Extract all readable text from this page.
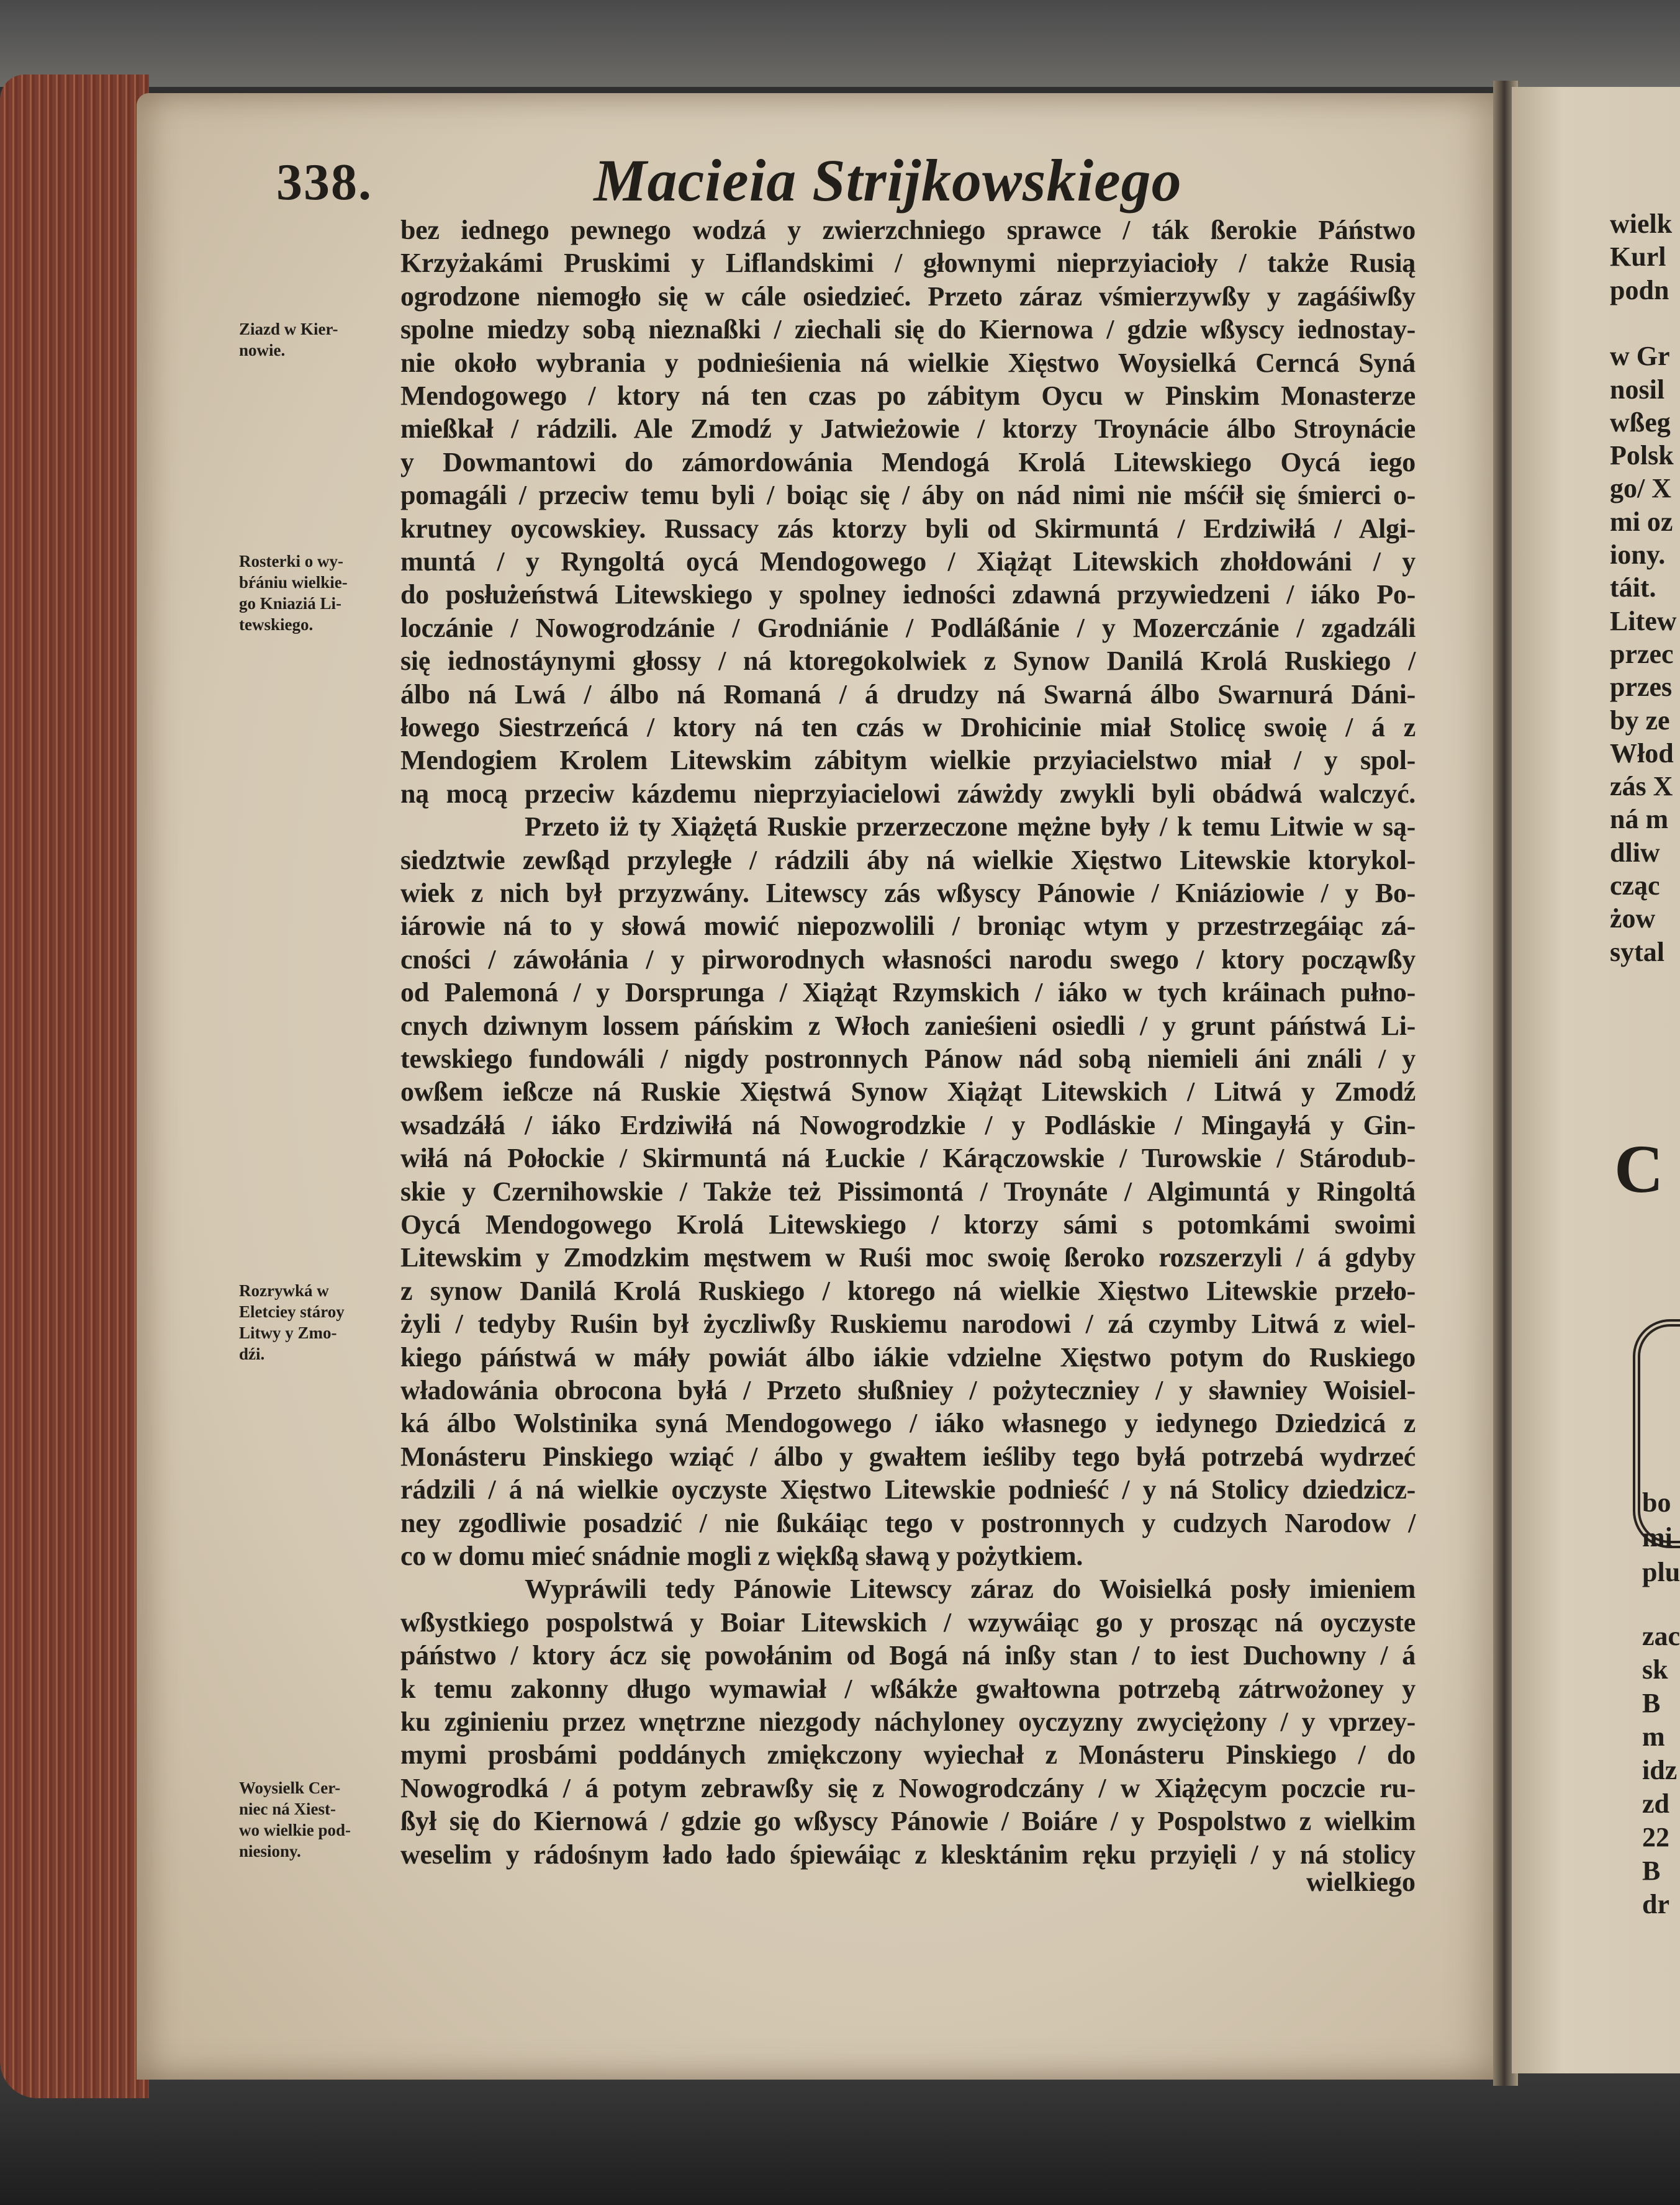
C
wielk
Kurl
podn
w Gr
nosil
wßeg
Polsk
go/ X
mi oz
iony.
táit.
Litew
przec
przes
by ze
Włod
zás X
ná m
dliw
cząc
żow
sytal
bo
mi
plu
zac
sk
B
m
idz
zd
22
B
dr
338.	Macieia Strijkowskiego
bez iednego pewnego wodzá y zwierzchniego sprawce / ták ßerokie Páństwo
Krzyżakámi Pruskimi y Liflandskimi / głownymi nieprzyiacioły / także Rusią
ogrodzone niemogło się w cále osiedzieć. Przeto záraz vśmierzywßy y zagáśiwßy
spolne miedzy sobą nieznaßki / ziechali się do Kiernowa / gdzie wßyscy iednostay-
nie około wybrania y podnieśienia ná wielkie Xięstwo Woysielká Cerncá Syná
Mendogowego / ktory ná ten czas po zábitym Oycu w Pinskim Monasterze
mießkał / rádzili. Ale Zmodź y Jatwieżowie / ktorzy Troynácie álbo Stroynácie
y Dowmantowi do zámordowánia Mendogá Krolá Litewskiego Oycá iego
pomagáli / przeciw temu byli / boiąc się / áby on nád nimi nie mśćił się śmierci o-
krutney oycowskiey. Russacy zás ktorzy byli od Skirmuntá / Erdziwiłá / Algi-
muntá / y Ryngoltá oycá Mendogowego / Xiążąt Litewskich zhołdowáni / y
do posłużeństwá Litewskiego y spolney iedności zdawná przywiedzeni / iáko Po-
loczánie / Nowogrodzánie / Grodniánie / Podláßánie / y Mozerczánie / zgadzáli
się iednostáynymi głossy / ná ktoregokolwiek z Synow Danilá Krolá Ruskiego /
álbo ná Lwá / álbo ná Romaná / á drudzy ná Swarná álbo Swarnurá Dáni-
łowego Siestrzeńcá / ktory ná ten czás w Drohicinie miał Stolicę swoię / á z
Mendogiem Krolem Litewskim zábitym wielkie przyiacielstwo miał / y spol-
ną mocą przeciw kázdemu nieprzyiacielowi záwżdy zwykli byli obádwá walczyć.
Przeto iż ty Xiążętá Ruskie przerzeczone mężne były / k temu Litwie w są-
siedztwie zewßąd przyległe / rádzili áby ná wielkie Xięstwo Litewskie ktorykol-
wiek z nich był przyzwány. Litewscy zás wßyscy Pánowie / Kniáziowie / y Bo-
iárowie ná to y słowá mowić niepozwolili / broniąc wtym y przestrzegáiąc zá-
cności / záwołánia / y pirworodnych własności narodu swego / ktory począwßy
od Palemoná / y Dorsprunga / Xiążąt Rzymskich / iáko w tych kráinach pułno-
cnych dziwnym lossem páńskim z Włoch zanieśieni osiedli / y grunt páństwá Li-
tewskiego fundowáli / nigdy postronnych Pánow nád sobą niemieli áni ználi / y
owßem ießcze ná Ruskie Xięstwá Synow Xiążąt Litewskich / Litwá y Zmodź
wsadzáłá / iáko Erdziwiłá ná Nowogrodzkie / y Podláskie / Mingayłá y Gin-
wiłá ná Połockie / Skirmuntá ná Łuckie / Kárączowskie / Turowskie / Stárodub-
skie y Czernihowskie / Także też Pissimontá / Troynáte / Algimuntá y Ringoltá
Oycá Mendogowego Krolá Litewskiego / ktorzy sámi s potomkámi swoimi
Litewskim y Zmodzkim męstwem w Ruśi moc swoię ßeroko rozszerzyli / á gdyby
z synow Danilá Krolá Ruskiego / ktorego ná wielkie Xięstwo Litewskie przeło-
żyli / tedyby Ruśin był życzliwßy Ruskiemu narodowi / zá czymby Litwá z wiel-
kiego páństwá w máły powiát álbo iákie vdzielne Xięstwo potym do Ruskiego
władowánia obrocona byłá / Przeto słußniey / pożyteczniey / y sławniey Woisiel-
ká álbo Wolstinika syná Mendogowego / iáko własnego y iedynego Dziedzicá z
Monásteru Pinskiego wziąć / álbo y gwałtem ieśliby tego byłá potrzebá wydrzeć
rádzili / á ná wielkie oyczyste Xięstwo Litewskie podnieść / y ná Stolicy dziedzicz-
ney zgodliwie posadzić / nie ßukáiąc tego v postronnych y cudzych Narodow /
co w domu mieć snádnie mogli z więkßą sławą y pożytkiem.
Wypráwili tedy Pánowie Litewscy záraz do Woisielká posły imieniem
wßystkiego pospolstwá y Boiar Litewskich / wzywáiąc go y prosząc ná oyczyste
páństwo / ktory ácz się powołánim od Bogá ná inßy stan / to iest Duchowny / á
k temu zakonny długo wymawiał / wßákże gwałtowna potrzebą zátrwożoney y
ku zginieniu przez wnętrzne niezgody náchyloney oyczyzny zwyciężony / y vprzey-
mymi prosbámi poddánych zmiękczony wyiechał z Monásteru Pinskiego / do
Nowogrodká / á potym zebrawßy się z Nowogrodczány / w Xiążęcym poczcie ru-
ßył się do Kiernowá / gdzie go wßyscy Pánowie / Boiáre / y Pospolstwo z wielkim
weselim y rádośnym łado łado śpiewáiąc z klesktánim ręku przyięli / y ná stolicy
wielkiego
Ziazd w Kier-
nowie.
Rosterki o wy-
bŕániu wielkie-
go Kniaziá Li-
tewskiego.
Rozrywká w
Eletciey stároy
Litwy y Zmo-
dźi.
Woysielk Cer-
niec ná Xiest-
wo wielkie pod-
niesiony.
